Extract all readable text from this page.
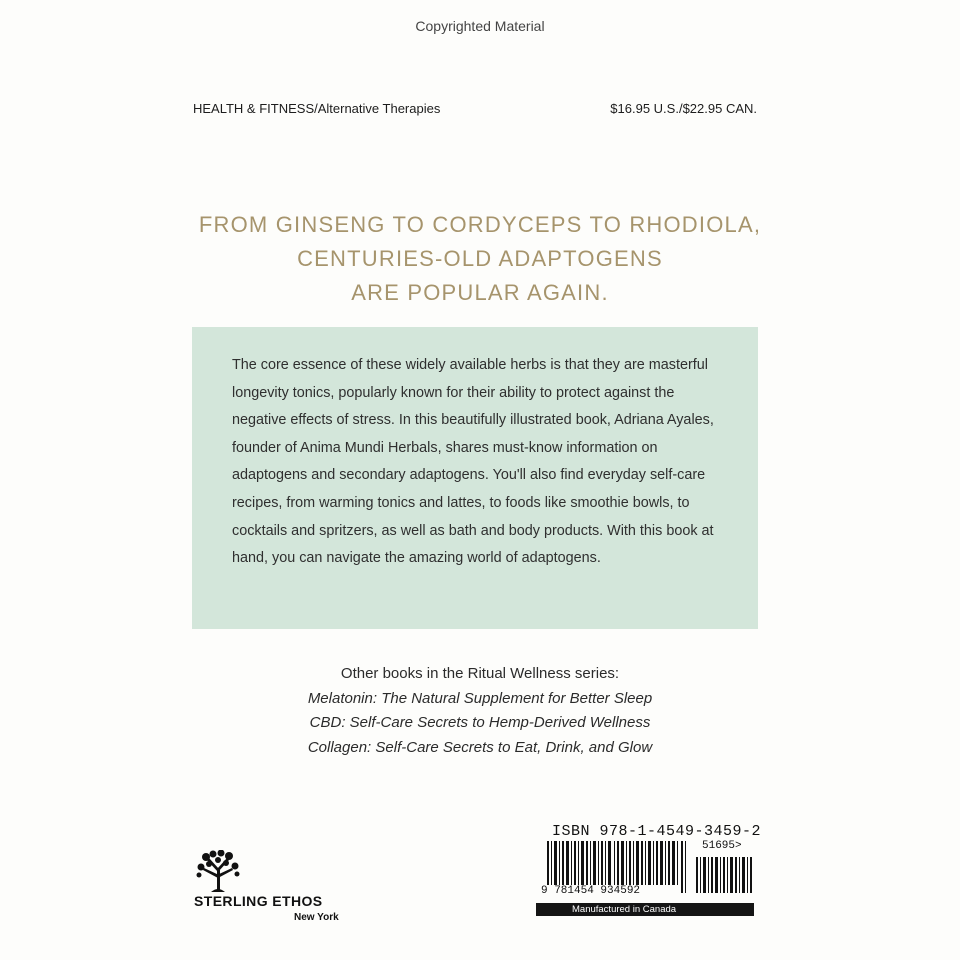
Copyrighted Material
HEALTH & FITNESS/Alternative Therapies	$16.95 U.S./$22.95 CAN.
FROM GINSENG TO CORDYCEPS TO RHODIOLA,
CENTURIES-OLD ADAPTOGENS
ARE POPULAR AGAIN.

The core essence of these widely available herbs is that they are masterful longevity tonics, popularly known for their ability to protect against the negative effects of stress. In this beautifully illustrated book, Adriana Ayales, founder of Anima Mundi Herbals, shares must-know information on adaptogens and secondary adaptogens. You'll also find everyday self-care recipes, from warming tonics and lattes, to foods like smoothie bowls, to cocktails and spritzers, as well as bath and body products. With this book at hand, you can navigate the amazing world of adaptogens.

Other books in the Ritual Wellness series:
Melatonin: The Natural Supplement for Better Sleep
CBD: Self-Care Secrets to Hemp-Derived Wellness
Collagen: Self-Care Secrets to Eat, Drink, and Glow
STERLING ETHOS
New York
ISBN 978-1-4549-3459-2
9 781454 934592
51695>
Manufactured in Canada
